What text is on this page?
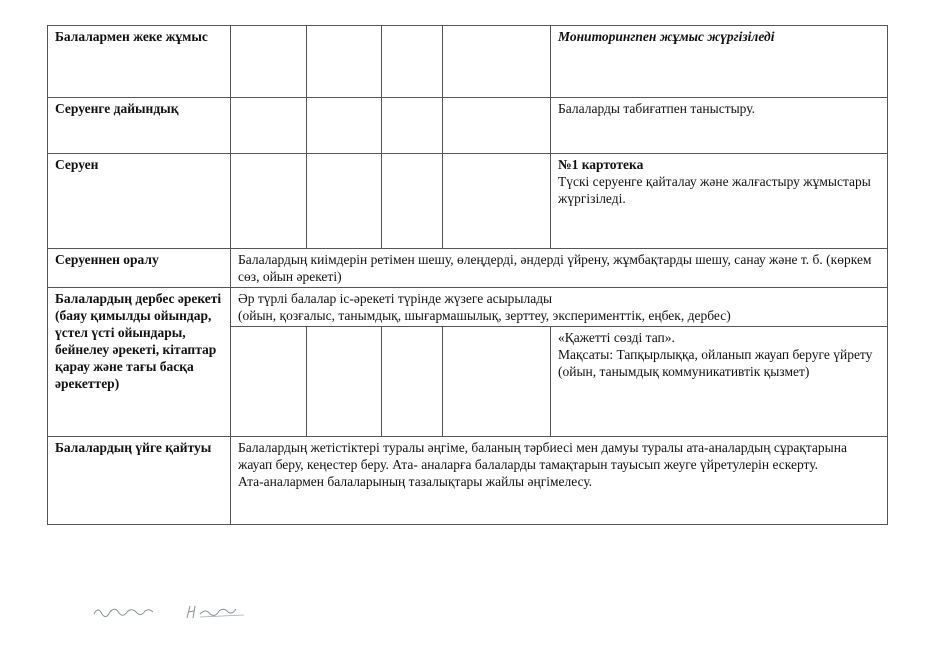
Балалармен жеке жұмыс					Мониторингпен жұмыс жүргізіледі
Серуенге дайындық					Балаларды табиғатпен таныстыру.
Серуен					№1 картотека
Түскі серуенге қайталау және жалғастыру жұмыстары жүргізіледі.

Серуеннен оралу	Балалардың киімдерін ретімен шешу, өлеңдерді, әндерді үйрену, жұмбақтарды шешу, санау және т. б. (көркем сөз, ойын әрекеті)				
Балалардың дербес әрекеті (баяу қимылды ойындар, үстел үсті ойындары, бейнелеу әрекеті, кітаптар қарау және тағы басқа әрекеттер)	Әр түрлі балалар іс-әрекеті түрінде жүзеге асырылады
(ойын, қозғалыс, танымдық, шығармашылық, зерттеу, эксперименттік, еңбек, дербес)				

					«Қажетті сөзді тап».
Мақсаты: Тапқырлыққа, ойланып жауап беруге үйрету
(ойын, танымдық коммуникативтік қызмет)

Балалардың үйге қайтуы	Балалардың жетістіктері туралы әңгіме, баланың тәрбиесі мен дамуы туралы ата-аналардың сұрақтарына жауап беру, кеңестер беру. Ата- аналарға балаларды тамақтарын тауысып жеуге үйретулерін ескерту.
Ата-аналармен балаларының тазалықтары жайлы әңгімелесу.				
